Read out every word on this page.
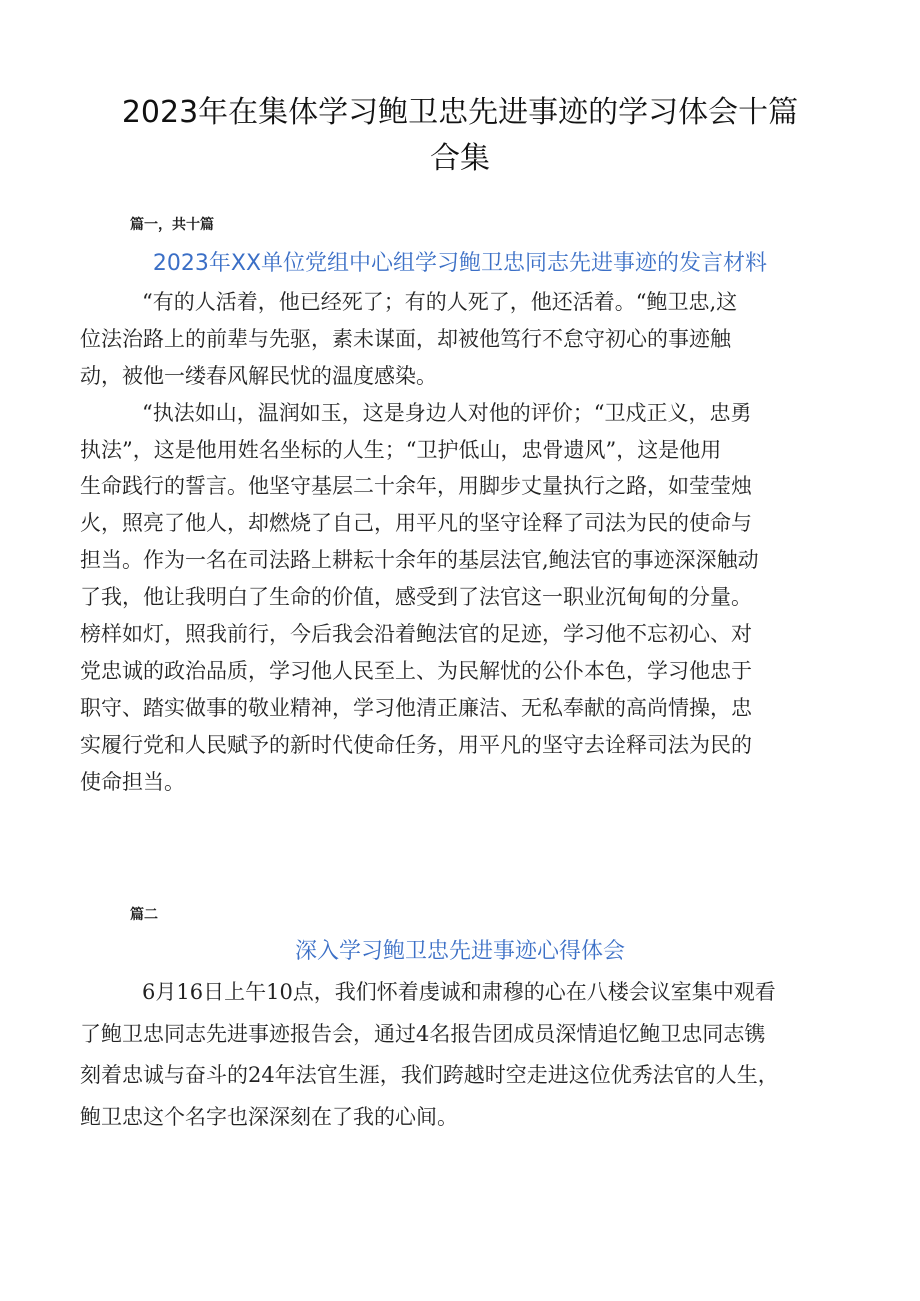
2023年在集体学习鲍卫忠先进事迹的学习体会十篇
合集

篇一，共十篇

2023年XX单位党组中心组学习鲍卫忠同志先进事迹的发言材料
“有的人活着，他已经死了；有的人死了，他还活着。“鲍卫忠,这
位法治路上的前辈与先驱，素未谋面，却被他笃行不怠守初心的事迹触
动，被他一缕春风解民忧的温度感染。
“执法如山，温润如玉，这是身边人对他的评价；“卫戍正义，忠勇
执法”，这是他用姓名坐标的人生；“卫护低山，忠骨遗风”，这是他用
生命践行的誓言。他坚守基层二十余年，用脚步丈量执行之路，如莹莹烛
火，照亮了他人，却燃烧了自己，用平凡的坚守诠释了司法为民的使命与
担当。作为一名在司法路上耕耘十余年的基层法官,鲍法官的事迹深深触动
了我，他让我明白了生命的价值，感受到了法官这一职业沉甸甸的分量。
榜样如灯，照我前行，今后我会沿着鲍法官的足迹，学习他不忘初心、对
党忠诚的政治品质，学习他人民至上、为民解忧的公仆本色，学习他忠于
职守、踏实做事的敬业精神，学习他清正廉洁、无私奉献的高尚情操，忠
实履行党和人民赋予的新时代使命任务，用平凡的坚守去诠释司法为民的
使命担当。

篇二

深入学习鲍卫忠先进事迹心得体会
6月16日上午10点，我们怀着虔诚和肃穆的心在八楼会议室集中观看
了鲍卫忠同志先进事迹报告会，通过4名报告团成员深情追忆鲍卫忠同志镌
刻着忠诚与奋斗的24年法官生涯，我们跨越时空走进这位优秀法官的人生，
鲍卫忠这个名字也深深刻在了我的心间。
